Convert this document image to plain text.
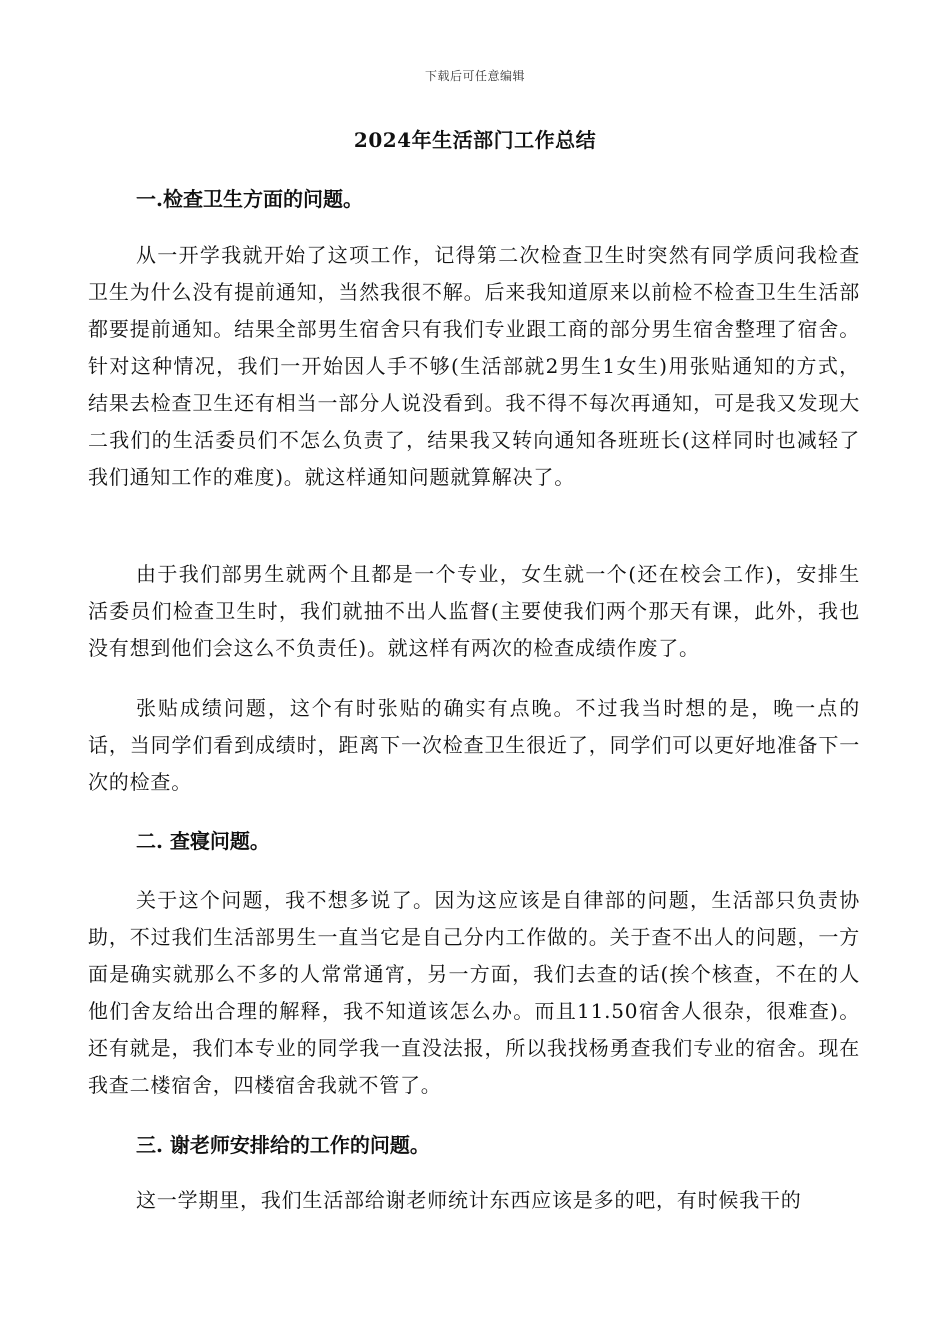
下载后可任意编辑
2024年生活部门工作总结
一.检查卫生方面的问题。
从一开学我就开始了这项工作，记得第二次检查卫生时突然有同学质问我检查卫生为什么没有提前通知，当然我很不解。后来我知道原来以前检不检查卫生生活部都要提前通知。结果全部男生宿舍只有我们专业跟工商的部分男生宿舍整理了宿舍。针对这种情况，我们一开始因人手不够(生活部就2男生1女生)用张贴通知的方式，结果去检查卫生还有相当一部分人说没看到。我不得不每次再通知，可是我又发现大二我们的生活委员们不怎么负责了，结果我又转向通知各班班长(这样同时也减轻了我们通知工作的难度)。就这样通知问题就算解决了。
由于我们部男生就两个且都是一个专业，女生就一个(还在校会工作)，安排生活委员们检查卫生时，我们就抽不出人监督(主要使我们两个那天有课，此外，我也没有想到他们会这么不负责任)。就这样有两次的检查成绩作废了。
张贴成绩问题，这个有时张贴的确实有点晚。不过我当时想的是，晚一点的话，当同学们看到成绩时，距离下一次检查卫生很近了，同学们可以更好地准备下一次的检查。
二. 查寝问题。
关于这个问题，我不想多说了。因为这应该是自律部的问题，生活部只负责协助，不过我们生活部男生一直当它是自己分内工作做的。关于查不出人的问题，一方面是确实就那么不多的人常常通宵，另一方面，我们去查的话(挨个核查，不在的人他们舍友给出合理的解释，我不知道该怎么办。而且11.50宿舍人很杂，很难查)。还有就是，我们本专业的同学我一直没法报，所以我找杨勇查我们专业的宿舍。现在我查二楼宿舍，四楼宿舍我就不管了。
三. 谢老师安排给的工作的问题。
这一学期里，我们生活部给谢老师统计东西应该是多的吧，有时候我干的
